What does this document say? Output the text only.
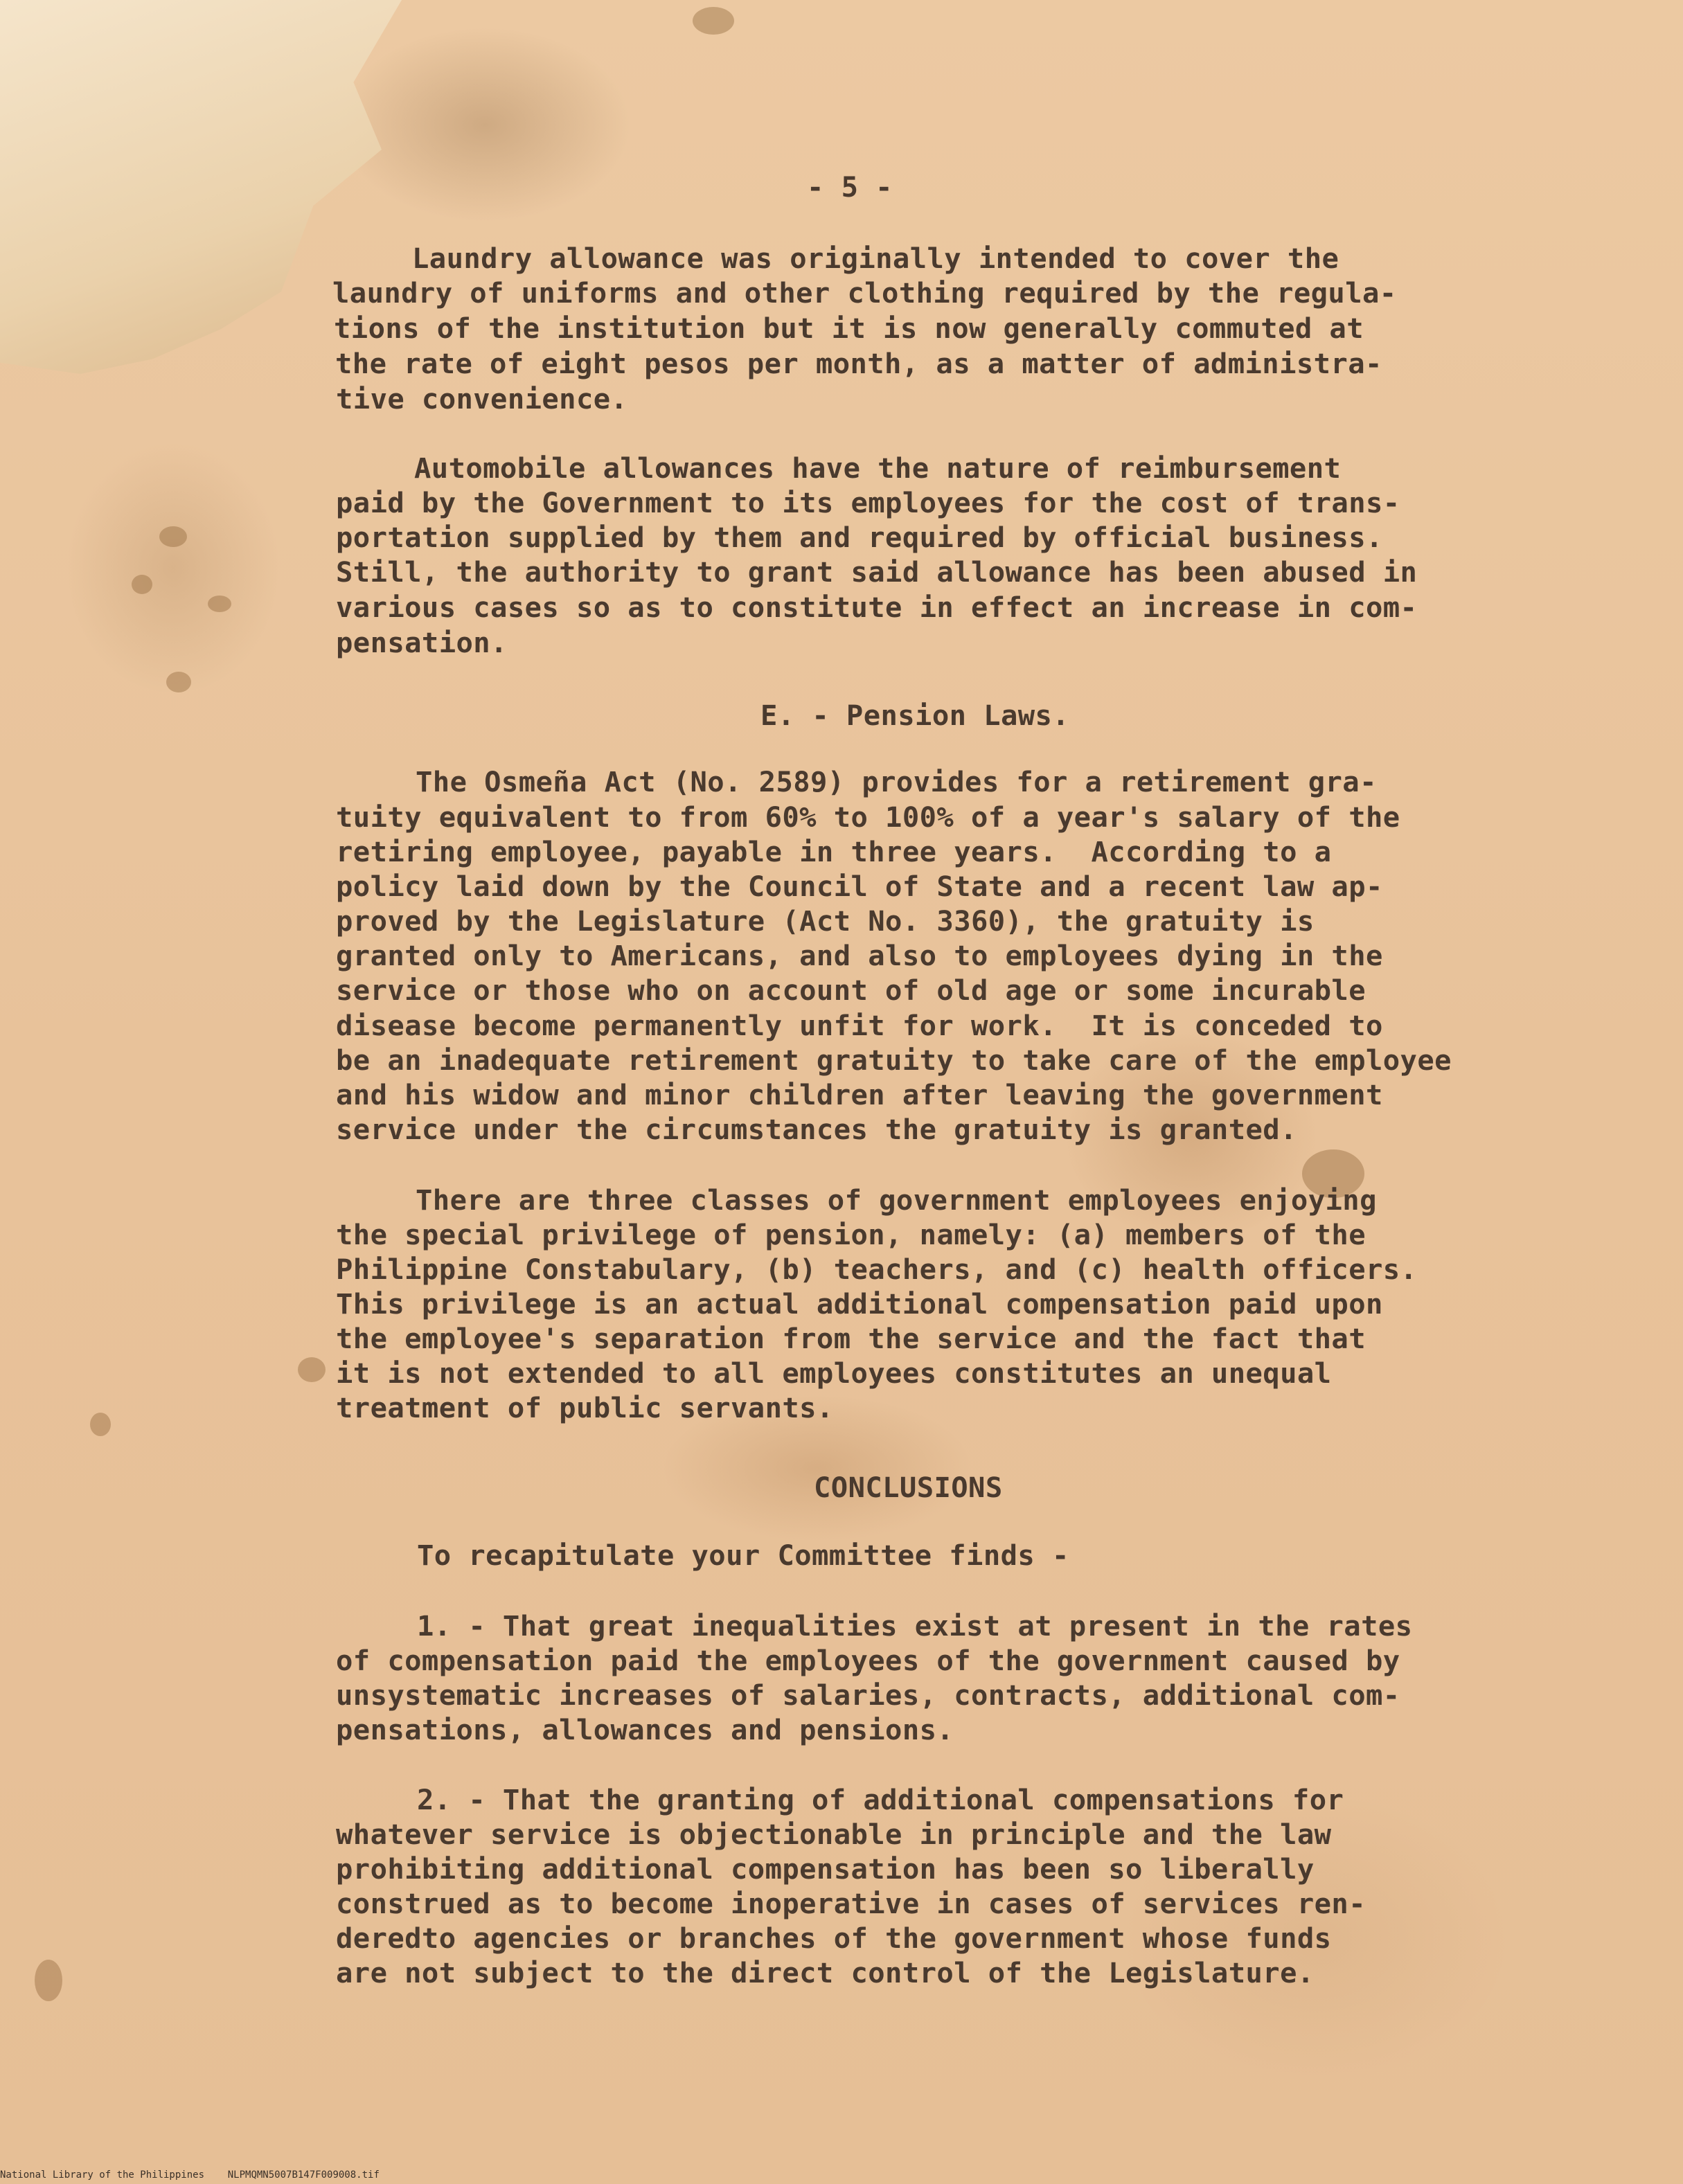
- 5 -
Laundry allowance was originally intended to cover the
laundry of uniforms and other clothing required by the regula-
tions of the institution but it is now generally commuted at
the rate of eight pesos per month, as a matter of administra-
tive convenience.
Automobile allowances have the nature of reimbursement
paid by the Government to its employees for the cost of trans-
portation supplied by them and required by official business.
Still, the authority to grant said allowance has been abused in
various cases so as to constitute in effect an increase in com-
pensation.
E. - Pension Laws.
The Osmeña Act (No. 2589) provides for a retirement gra-
tuity equivalent to from 60% to 100% of a year's salary of the
retiring employee, payable in three years.  According to a
policy laid down by the Council of State and a recent law ap-
proved by the Legislature (Act No. 3360), the gratuity is
granted only to Americans, and also to employees dying in the
service or those who on account of old age or some incurable
disease become permanently unfit for work.  It is conceded to
be an inadequate retirement gratuity to take care of the employee
and his widow and minor children after leaving the government
service under the circumstances the gratuity is granted.
There are three classes of government employees enjoying
the special privilege of pension, namely: (a) members of the
Philippine Constabulary, (b) teachers, and (c) health officers.
This privilege is an actual additional compensation paid upon
the employee's separation from the service and the fact that
it is not extended to all employees constitutes an unequal
treatment of public servants.
CONCLUSIONS
To recapitulate your Committee finds -
1. - That great inequalities exist at present in the rates
of compensation paid the employees of the government caused by
unsystematic increases of salaries, contracts, additional com-
pensations, allowances and pensions.
2. - That the granting of additional compensations for
whatever service is objectionable in principle and the law
prohibiting additional compensation has been so liberally
construed as to become inoperative in cases of services ren-
deredto agencies or branches of the government whose funds
are not subject to the direct control of the Legislature.
National Library of the Philippines NLPMQMN5007B147F009008.tif
